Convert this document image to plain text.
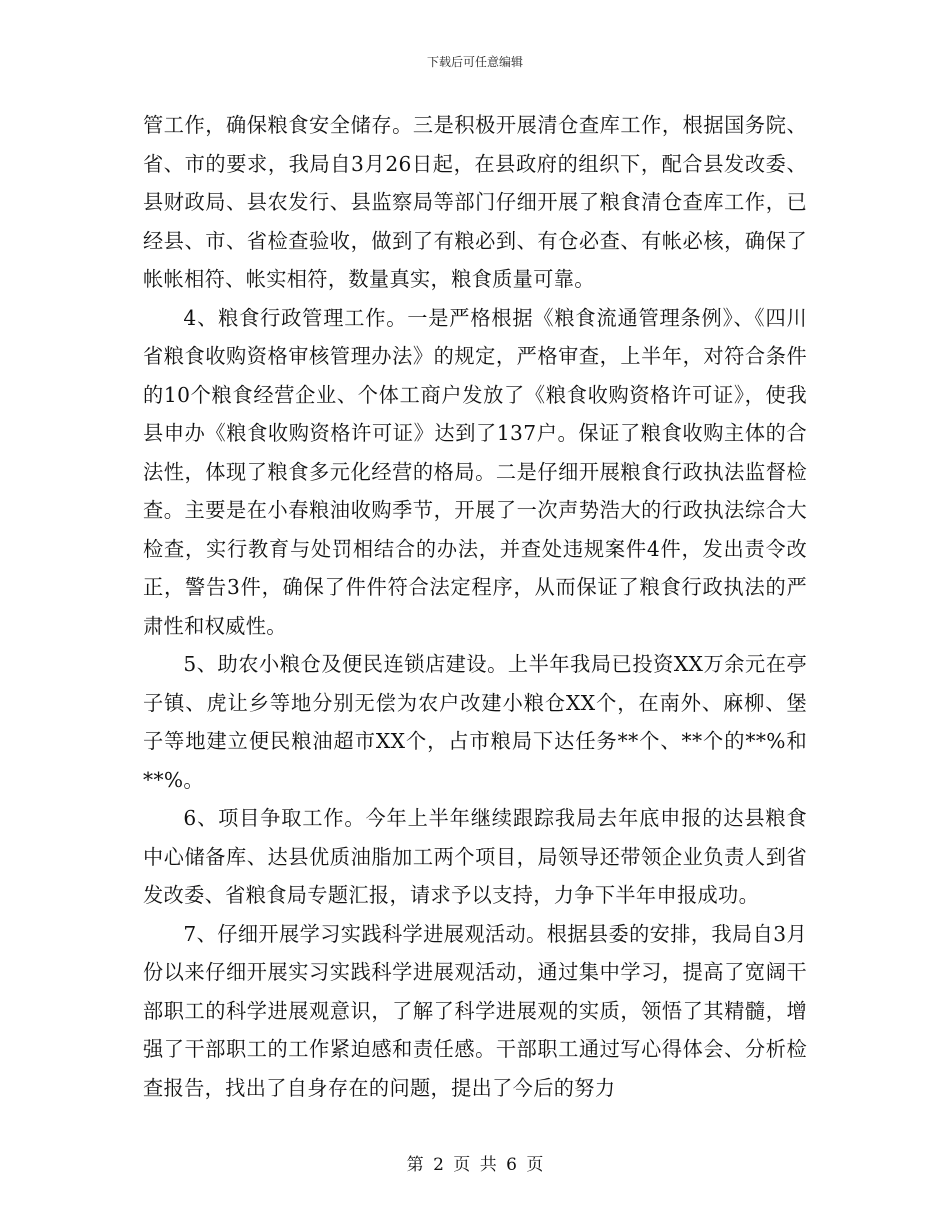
下载后可任意编辑

管工作，确保粮食安全储存。三是积极开展清仓查库工作，根据国务院、省、市的要求，我局自3月26日起，在县政府的组织下，配合县发改委、县财政局、县农发行、县监察局等部门仔细开展了粮食清仓查库工作，已经县、市、省检查验收，做到了有粮必到、有仓必查、有帐必核，确保了帐帐相符、帐实相符，数量真实，粮食质量可靠。

4、粮食行政管理工作。一是严格根据《粮食流通管理条例》、《四川省粮食收购资格审核管理办法》的规定，严格审查，上半年，对符合条件的10个粮食经营企业、个体工商户发放了《粮食收购资格许可证》，使我县申办《粮食收购资格许可证》达到了137户。保证了粮食收购主体的合法性，体现了粮食多元化经营的格局。二是仔细开展粮食行政执法监督检查。主要是在小春粮油收购季节，开展了一次声势浩大的行政执法综合大检查，实行教育与处罚相结合的办法，并查处违规案件4件，发出责令改正，警告3件，确保了件件符合法定程序，从而保证了粮食行政执法的严肃性和权威性。

5、助农小粮仓及便民连锁店建设。上半年我局已投资XX万余元在亭子镇、虎让乡等地分别无偿为农户改建小粮仓XX个，在南外、麻柳、堡子等地建立便民粮油超市XX个，占市粮局下达任务**个、**个的**%和**%。

6、项目争取工作。今年上半年继续跟踪我局去年底申报的达县粮食中心储备库、达县优质油脂加工两个项目，局领导还带领企业负责人到省发改委、省粮食局专题汇报，请求予以支持，力争下半年申报成功。

7、仔细开展学习实践科学进展观活动。根据县委的安排，我局自3月份以来仔细开展实习实践科学进展观活动，通过集中学习，提高了宽阔干部职工的科学进展观意识，了解了科学进展观的实质，领悟了其精髓，增强了干部职工的工作紧迫感和责任感。干部职工通过写心得体会、分析检查报告，找出了自身存在的问题，提出了今后的努力

第 2 页 共 6 页
